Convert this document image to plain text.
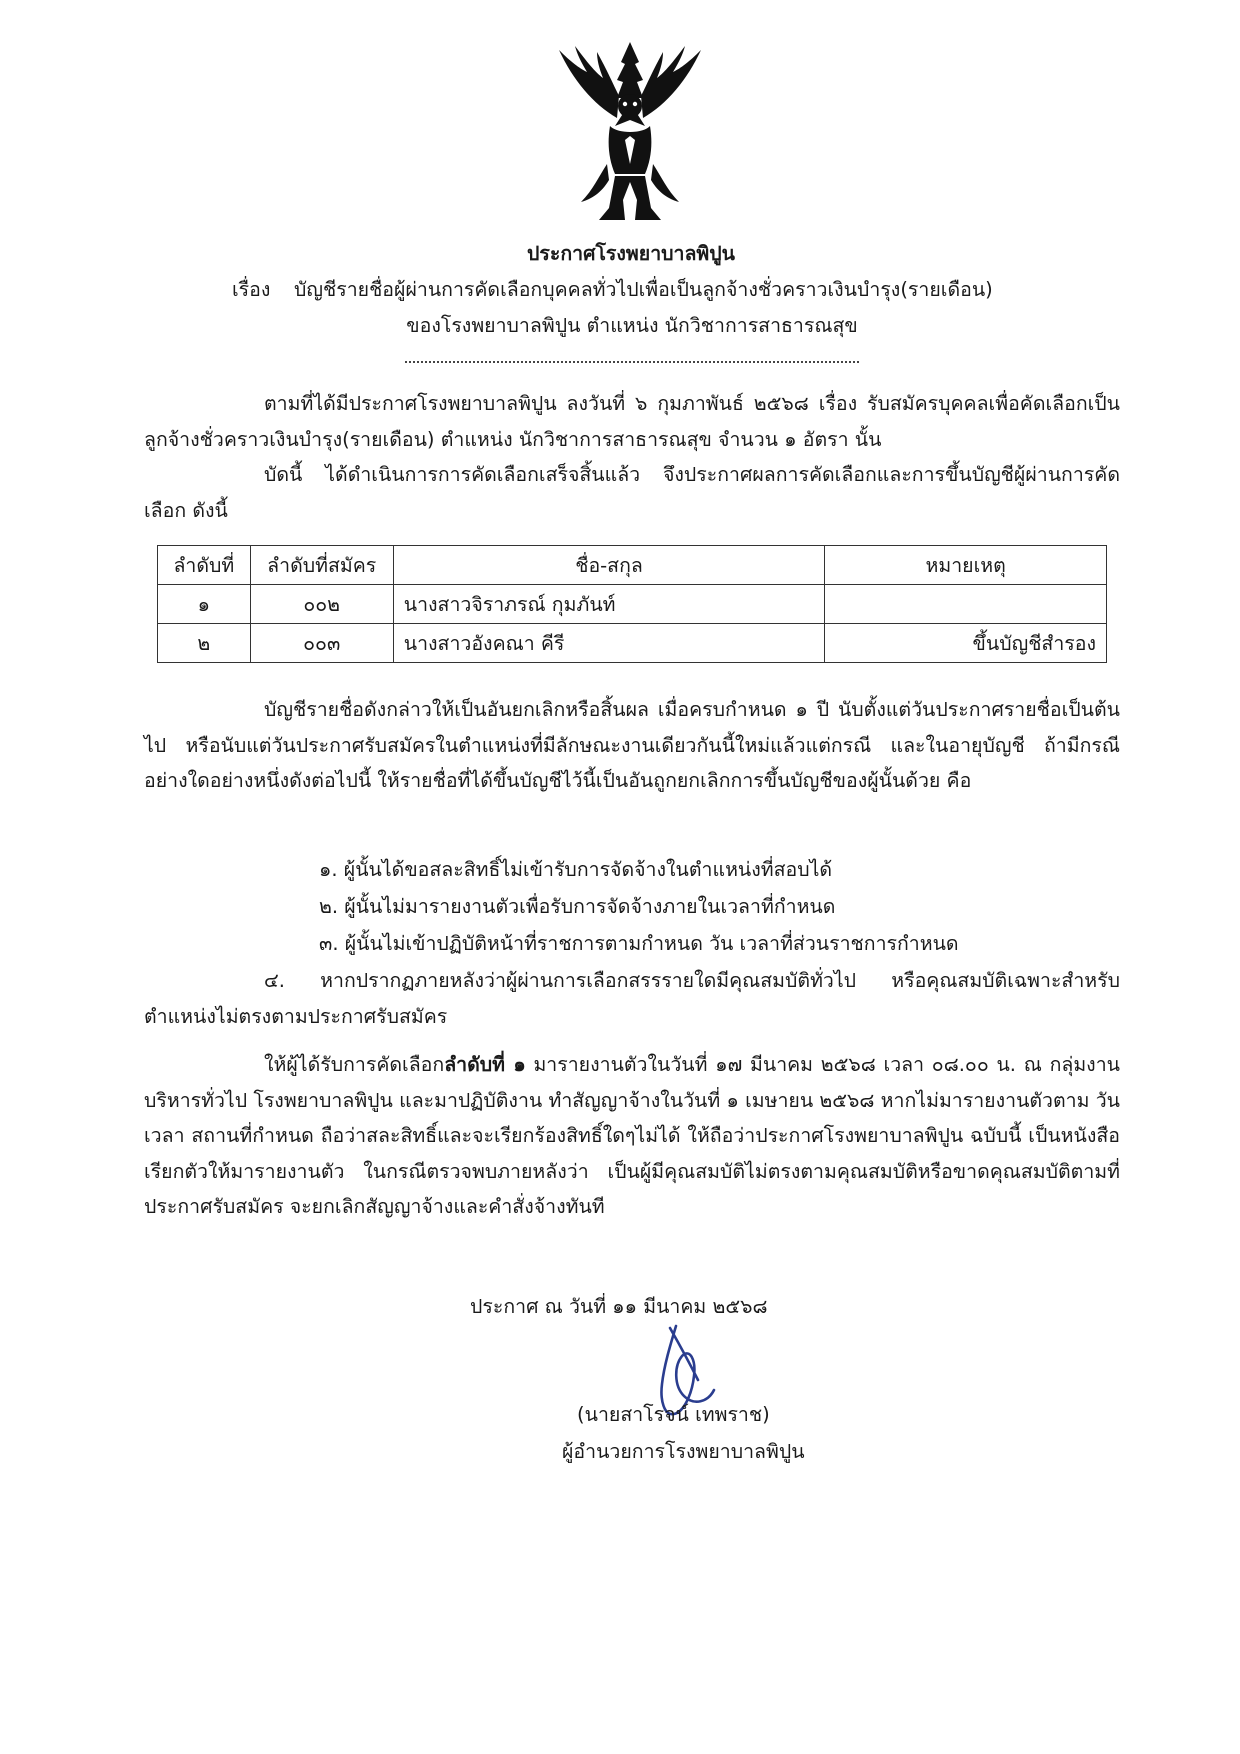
ประกาศโรงพยาบาลพิปูน
เรื่อง บัญชีรายชื่อผู้ผ่านการคัดเลือกบุคคลทั่วไปเพื่อเป็นลูกจ้างชั่วคราวเงินบำรุง(รายเดือน)
ของโรงพยาบาลพิปูน ตำแหน่ง นักวิชาการสาธารณสุข
ตามที่ได้มีประกาศโรงพยาบาลพิปูน ลงวันที่ ๖ กุมภาพันธ์ ๒๕๖๘ เรื่อง รับสมัครบุคคลเพื่อคัดเลือกเป็นลูกจ้างชั่วคราวเงินบำรุง(รายเดือน) ตำแหน่ง นักวิชาการสาธารณสุข จำนวน ๑ อัตรา นั้น
บัดนี้ ได้ดำเนินการการคัดเลือกเสร็จสิ้นแล้ว จึงประกาศผลการคัดเลือกและการขึ้นบัญชีผู้ผ่านการคัดเลือก ดังนี้
ลำดับที่	ลำดับที่สมัคร	ชื่อ-สกุล	หมายเหตุ
๑	๐๐๒	นางสาวจิราภรณ์ กุมภันท์	
๒	๐๐๓	นางสาวอังคณา คีรี	ขึ้นบัญชีสำรอง
บัญชีรายชื่อดังกล่าวให้เป็นอันยกเลิกหรือสิ้นผล เมื่อครบกำหนด ๑ ปี นับตั้งแต่วันประกาศรายชื่อเป็นต้นไป หรือนับแต่วันประกาศรับสมัครในตำแหน่งที่มีลักษณะงานเดียวกันนี้ใหม่แล้วแต่กรณี และในอายุบัญชี ถ้ามีกรณีอย่างใดอย่างหนึ่งดังต่อไปนี้ ให้รายชื่อที่ได้ขึ้นบัญชีไว้นี้เป็นอันถูกยกเลิกการขึ้นบัญชีของผู้นั้นด้วย คือ
๑. ผู้นั้นได้ขอสละสิทธิ์ไม่เข้ารับการจัดจ้างในตำแหน่งที่สอบได้
๒. ผู้นั้นไม่มารายงานตัวเพื่อรับการจัดจ้างภายในเวลาที่กำหนด
๓. ผู้นั้นไม่เข้าปฏิบัติหน้าที่ราชการตามกำหนด วัน เวลาที่ส่วนราชการกำหนด
๔. หากปรากฏภายหลังว่าผู้ผ่านการเลือกสรรรายใดมีคุณสมบัติทั่วไป หรือคุณสมบัติเฉพาะสำหรับตำแหน่งไม่ตรงตามประกาศรับสมัคร
ให้ผู้ได้รับการคัดเลือกลำดับที่ ๑ มารายงานตัวในวันที่ ๑๗ มีนาคม ๒๕๖๘ เวลา ๐๘.๐๐ น. ณ กลุ่มงานบริหารทั่วไป โรงพยาบาลพิปูน และมาปฏิบัติงาน ทำสัญญาจ้างในวันที่ ๑ เมษายน ๒๕๖๘ หากไม่มารายงานตัวตาม วัน เวลา สถานที่กำหนด ถือว่าสละสิทธิ์และจะเรียกร้องสิทธิ์ใดๆไม่ได้ ให้ถือว่าประกาศโรงพยาบาลพิปูน ฉบับนี้ เป็นหนังสือเรียกตัวให้มารายงานตัว ในกรณีตรวจพบภายหลังว่า เป็นผู้มีคุณสมบัติไม่ตรงตามคุณสมบัติหรือขาดคุณสมบัติตามที่ประกาศรับสมัคร จะยกเลิกสัญญาจ้างและคำสั่งจ้างทันที
ประกาศ ณ วันที่ ๑๑ มีนาคม ๒๕๖๘
(นายสาโรจน์ เทพราช)
ผู้อำนวยการโรงพยาบาลพิปูน
